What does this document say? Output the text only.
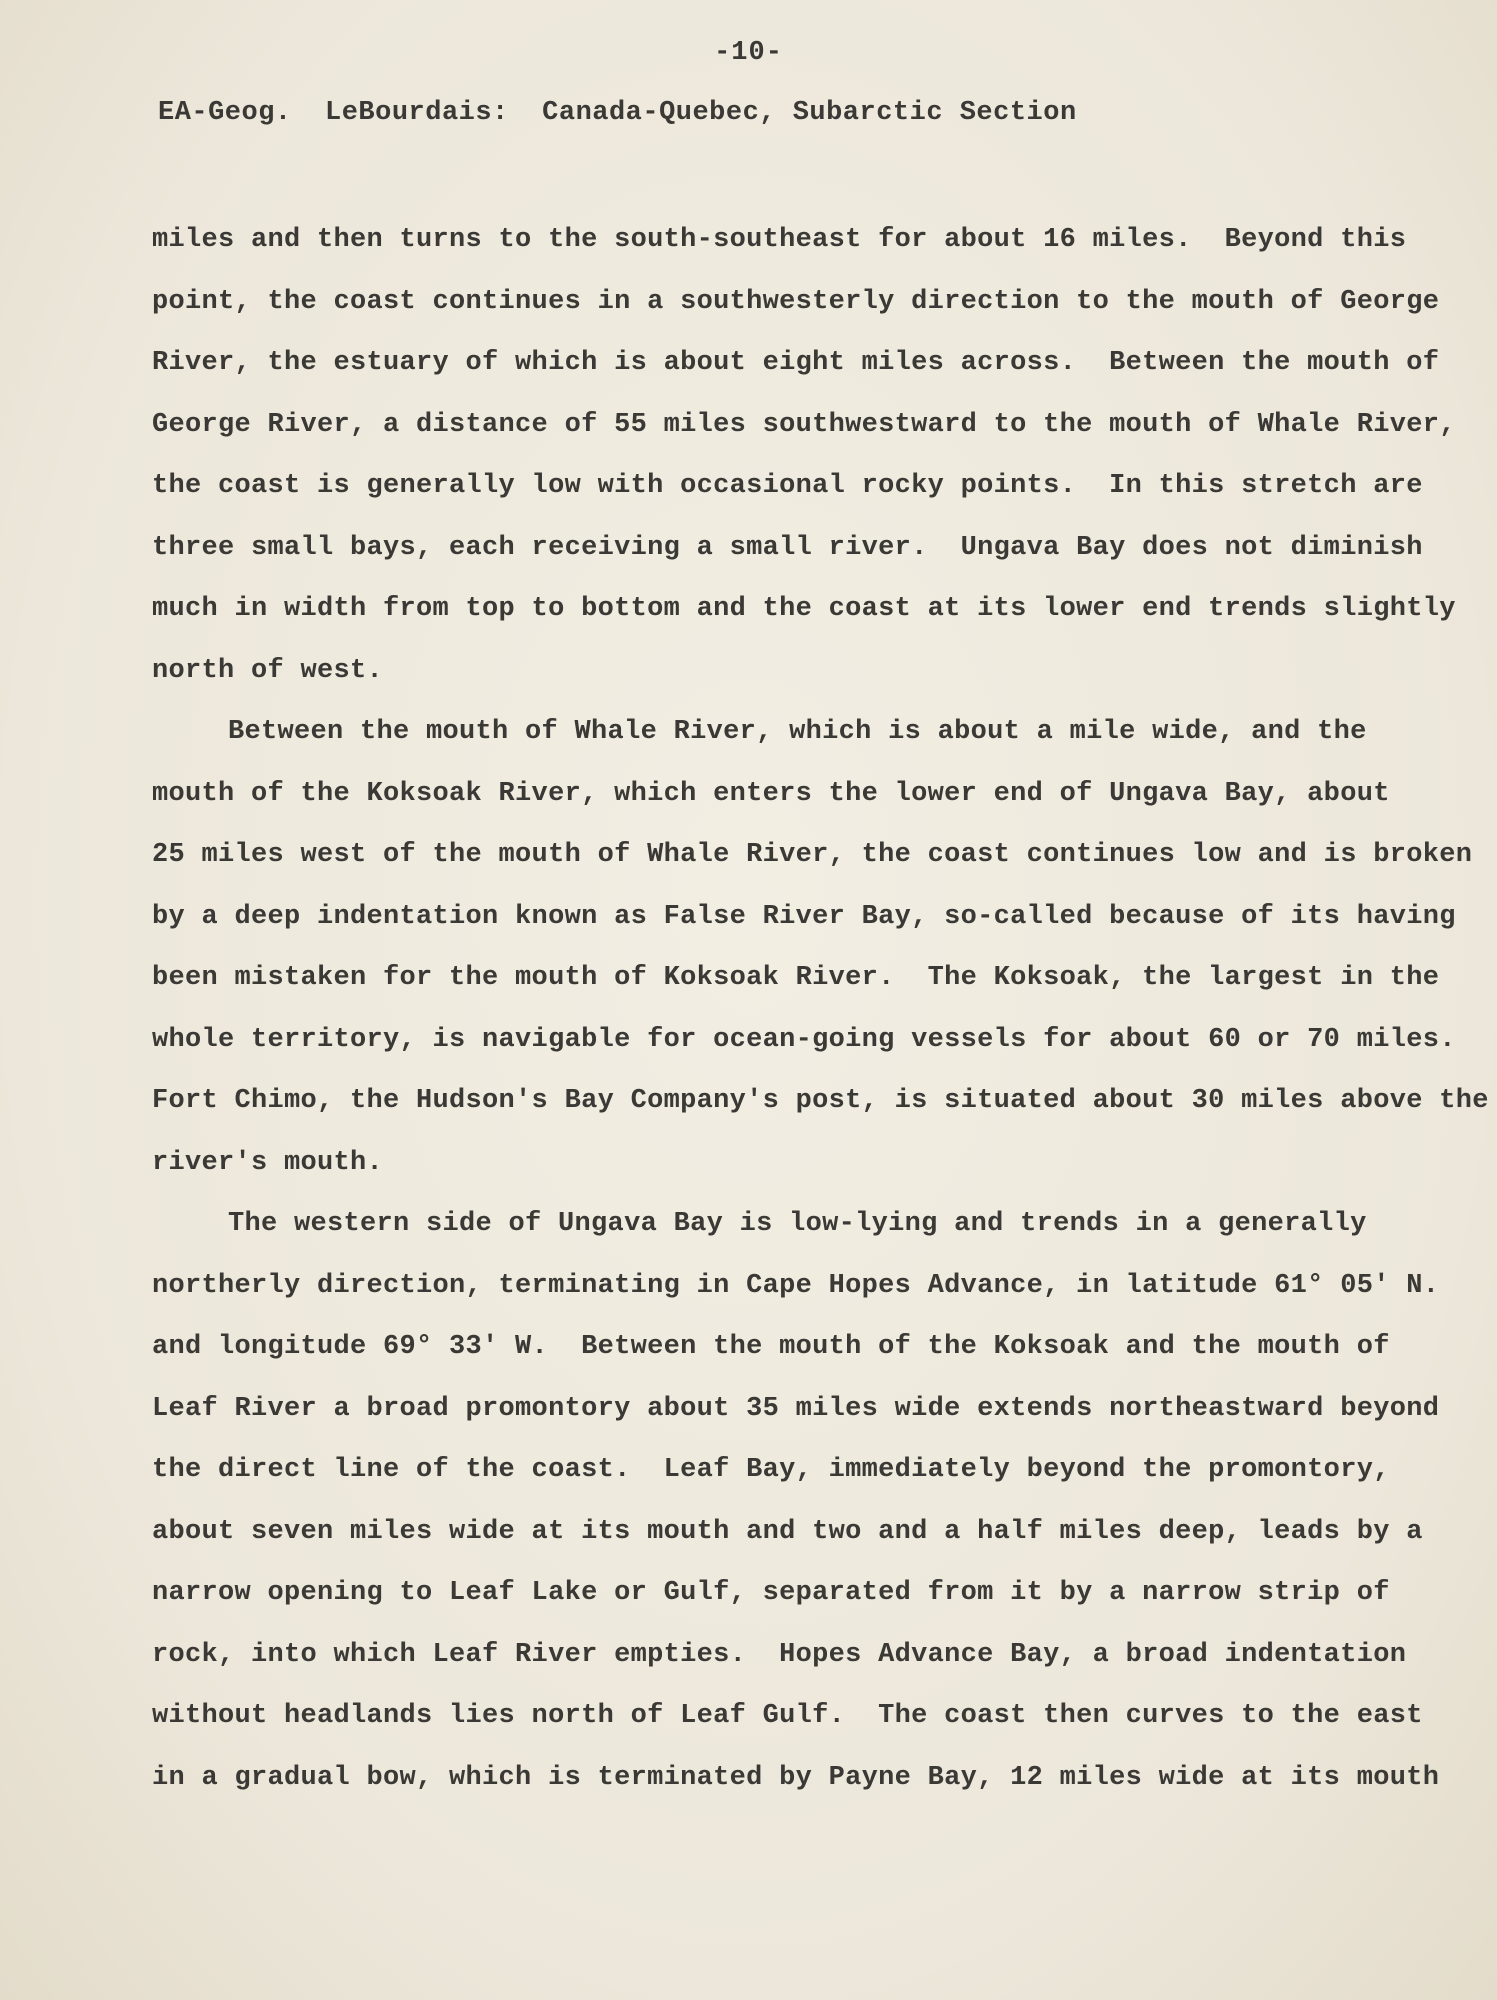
-10-
EA-Geog.  LeBourdais:  Canada-Quebec, Subarctic Section
miles and then turns to the south-southeast for about 16 miles.  Beyond this
point, the coast continues in a southwesterly direction to the mouth of George
River, the estuary of which is about eight miles across.  Between the mouth of
George River, a distance of 55 miles southwestward to the mouth of Whale River,
the coast is generally low with occasional rocky points.  In this stretch are
three small bays, each receiving a small river.  Ungava Bay does not diminish
much in width from top to bottom and the coast at its lower end trends slightly
north of west.
Between the mouth of Whale River, which is about a mile wide, and the
mouth of the Koksoak River, which enters the lower end of Ungava Bay, about
25 miles west of the mouth of Whale River, the coast continues low and is broken
by a deep indentation known as False River Bay, so-called because of its having
been mistaken for the mouth of Koksoak River.  The Koksoak, the largest in the
whole territory, is navigable for ocean-going vessels for about 60 or 70 miles.
Fort Chimo, the Hudson's Bay Company's post, is situated about 30 miles above the
river's mouth.
The western side of Ungava Bay is low-lying and trends in a generally
northerly direction, terminating in Cape Hopes Advance, in latitude 61° 05' N.
and longitude 69° 33' W.  Between the mouth of the Koksoak and the mouth of
Leaf River a broad promontory about 35 miles wide extends northeastward beyond
the direct line of the coast.  Leaf Bay, immediately beyond the promontory,
about seven miles wide at its mouth and two and a half miles deep, leads by a
narrow opening to Leaf Lake or Gulf, separated from it by a narrow strip of
rock, into which Leaf River empties.  Hopes Advance Bay, a broad indentation
without headlands lies north of Leaf Gulf.  The coast then curves to the east
in a gradual bow, which is terminated by Payne Bay, 12 miles wide at its mouth
